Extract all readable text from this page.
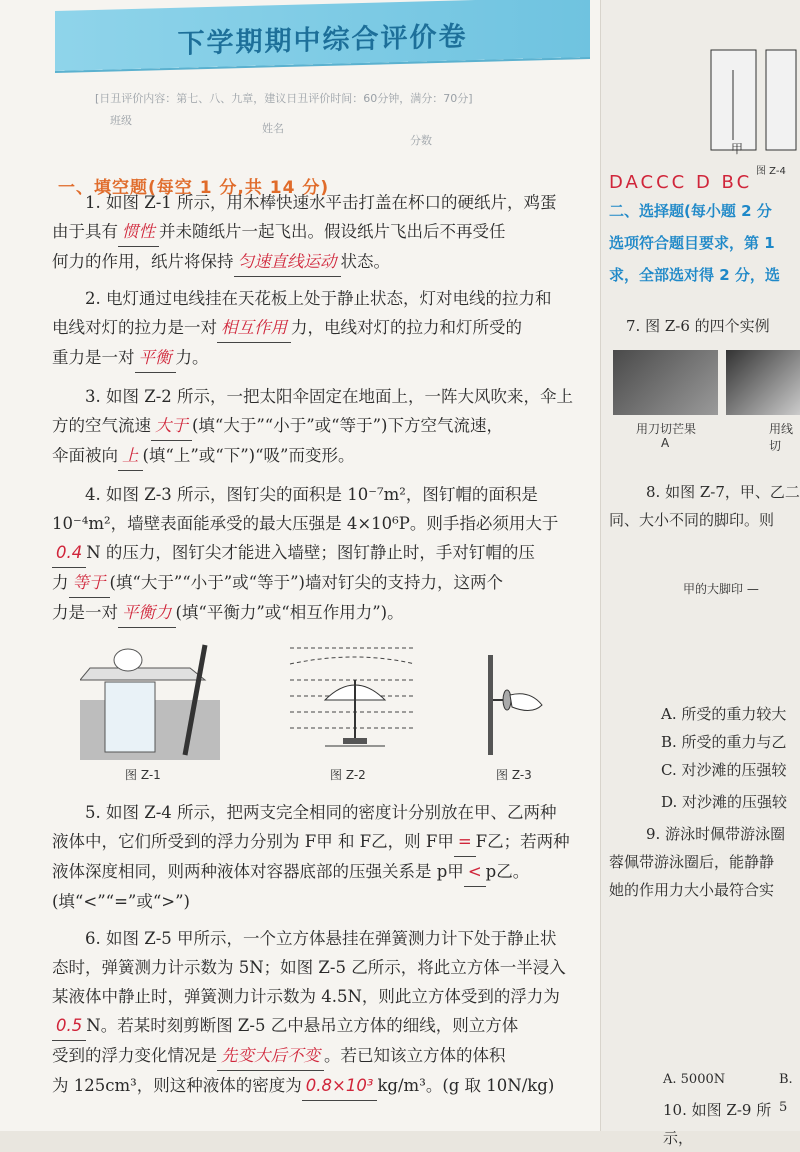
下学期期中综合评价卷
[日丑评价内容：第七、八、九章，建议日丑评价时间：60分钟，满分：70分]
班级
姓名
分数
一、填空题(每空 1 分,共 14 分)
1. 如图 Z-1 所示，用木棒快速水平击打盖在杯口的硬纸片，鸡蛋
由于具有 惯性 并未随纸片一起飞出。假设纸片飞出后不再受任
何力的作用，纸片将保持 匀速直线运动 状态。
2. 电灯通过电线挂在天花板上处于静止状态，灯对电线的拉力和
电线对灯的拉力是一对 相互作用 力，电线对灯的拉力和灯所受的
重力是一对 平衡 力。
3. 如图 Z-2 所示，一把太阳伞固定在地面上，一阵大风吹来，伞上
方的空气流速 大于 (填“大于”“小于”或“等于”)下方空气流速，
伞面被向 上 (填“上”或“下”)“吸”而变形。
4. 如图 Z-3 所示，图钉尖的面积是 10⁻⁷m²，图钉帽的面积是
10⁻⁴m²，墙壁表面能承受的最大压强是 4×10⁶P。则手指必须用大于
0.4 N 的压力，图钉尖才能进入墙壁；图钉静止时，手对钉帽的压
力 等于 (填“大于”“小于”或“等于”)墙对钉尖的支持力，这两个
力是一对 平衡力 (填“平衡力”或“相互作用力”)。
图 Z-1	图 Z-2	图 Z-3
5. 如图 Z-4 所示，把两支完全相同的密度计分别放在甲、乙两种
液体中，它们所受到的浮力分别为 F甲 和 F乙，则 F甲 = F乙；若两种
液体深度相同，则两种液体对容器底部的压强关系是 p甲 < p乙。
(填“<”“=”或“>”)
6. 如图 Z-5 甲所示，一个立方体悬挂在弹簧测力计下处于静止状
态时，弹簧测力计示数为 5N；如图 Z-5 乙所示，将此立方体一半浸入
某液体中静止时，弹簧测力计示数为 4.5N，则此立方体受到的浮力为
0.5 N。若某时刻剪断图 Z-5 乙中悬吊立方体的细线，则立方体
受到的浮力变化情况是 先变大后不变 。若已知该立方体的体积
为 125cm³，则这种液体的密度为 0.8×10³ kg/m³。(g 取 10N/kg)
甲
图 Z-4
DACCC D BC
二、选择题(每小题 2 分
选项符合题目要求，第 1
求，全部选对得 2 分，选
7. 图 Z-6 的四个实例
用刀切芒果
A
用线切
8. 如图 Z-7，甲、乙二
同、大小不同的脚印。则
甲的大脚印 —
A. 所受的重力较大
B. 所受的重力与乙
C. 对沙滩的压强较
D. 对沙滩的压强较
9. 游泳时佩带游泳圈
蓉佩带游泳圈后，能静静
她的作用力大小最符合实
A. 5000N	B. 5
10. 如图 Z-9 所示，
